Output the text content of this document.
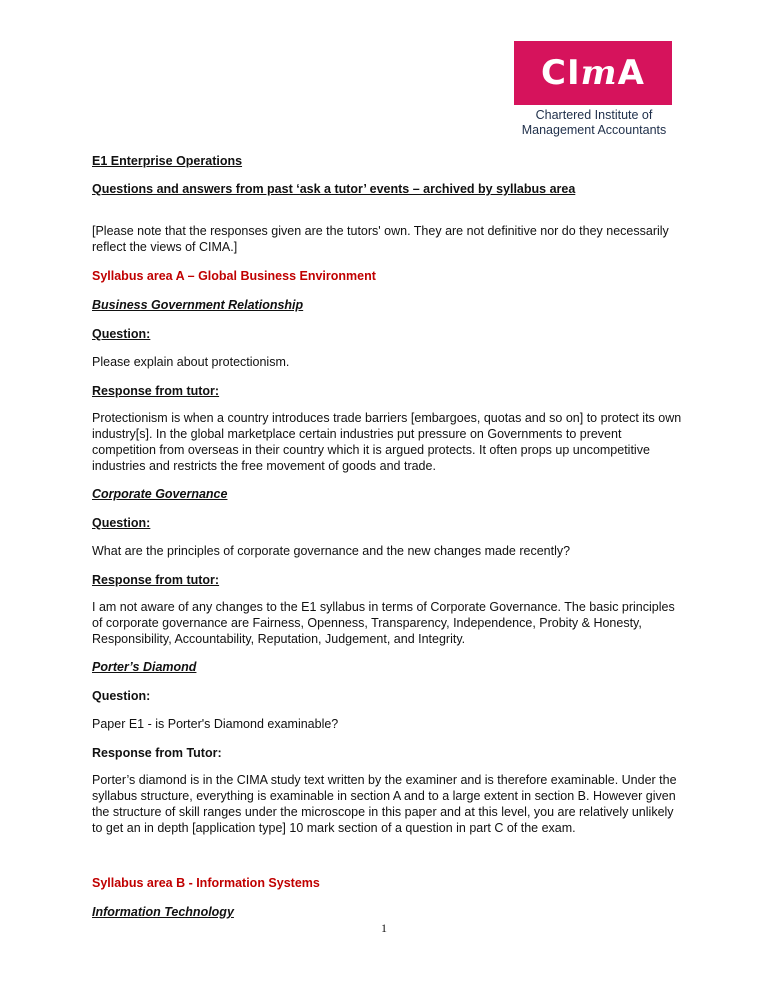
CImA
Chartered Institute of
Management Accountants

E1 Enterprise Operations

Questions and answers from past ‘ask a tutor’ events – archived by syllabus area

[Please note that the responses given are the tutors' own. They are not definitive nor do they necessarily reflect the views of CIMA.]

Syllabus area A – Global Business Environment

Business Government Relationship

Question:

Please explain about protectionism.

Response from tutor:

Protectionism is when a country introduces trade barriers [embargoes, quotas and so on] to protect its own industry[s]. In the global marketplace certain industries put pressure on Governments to prevent competition from overseas in their country which it is argued protects. It often props up uncompetitive industries and restricts the free movement of goods and trade.

Corporate Governance

Question:

What are the principles of corporate governance and the new changes made recently?

Response from tutor:

I am not aware of any changes to the E1 syllabus in terms of Corporate Governance. The basic principles of corporate governance are Fairness, Openness, Transparency, Independence, Probity & Honesty, Responsibility, Accountability, Reputation, Judgement, and Integrity.

Porter’s Diamond

Question:

Paper E1 - is Porter's Diamond examinable?

Response from Tutor:

Porter’s diamond is in the CIMA study text written by the examiner and is therefore examinable. Under the syllabus structure, everything is examinable in section A and to a large extent in section B. However given the structure of skill ranges under the microscope in this paper and at this level, you are relatively unlikely to get an in depth [application type] 10 mark section of a question in part C of the exam.

Syllabus area B - Information Systems

Information Technology

1
